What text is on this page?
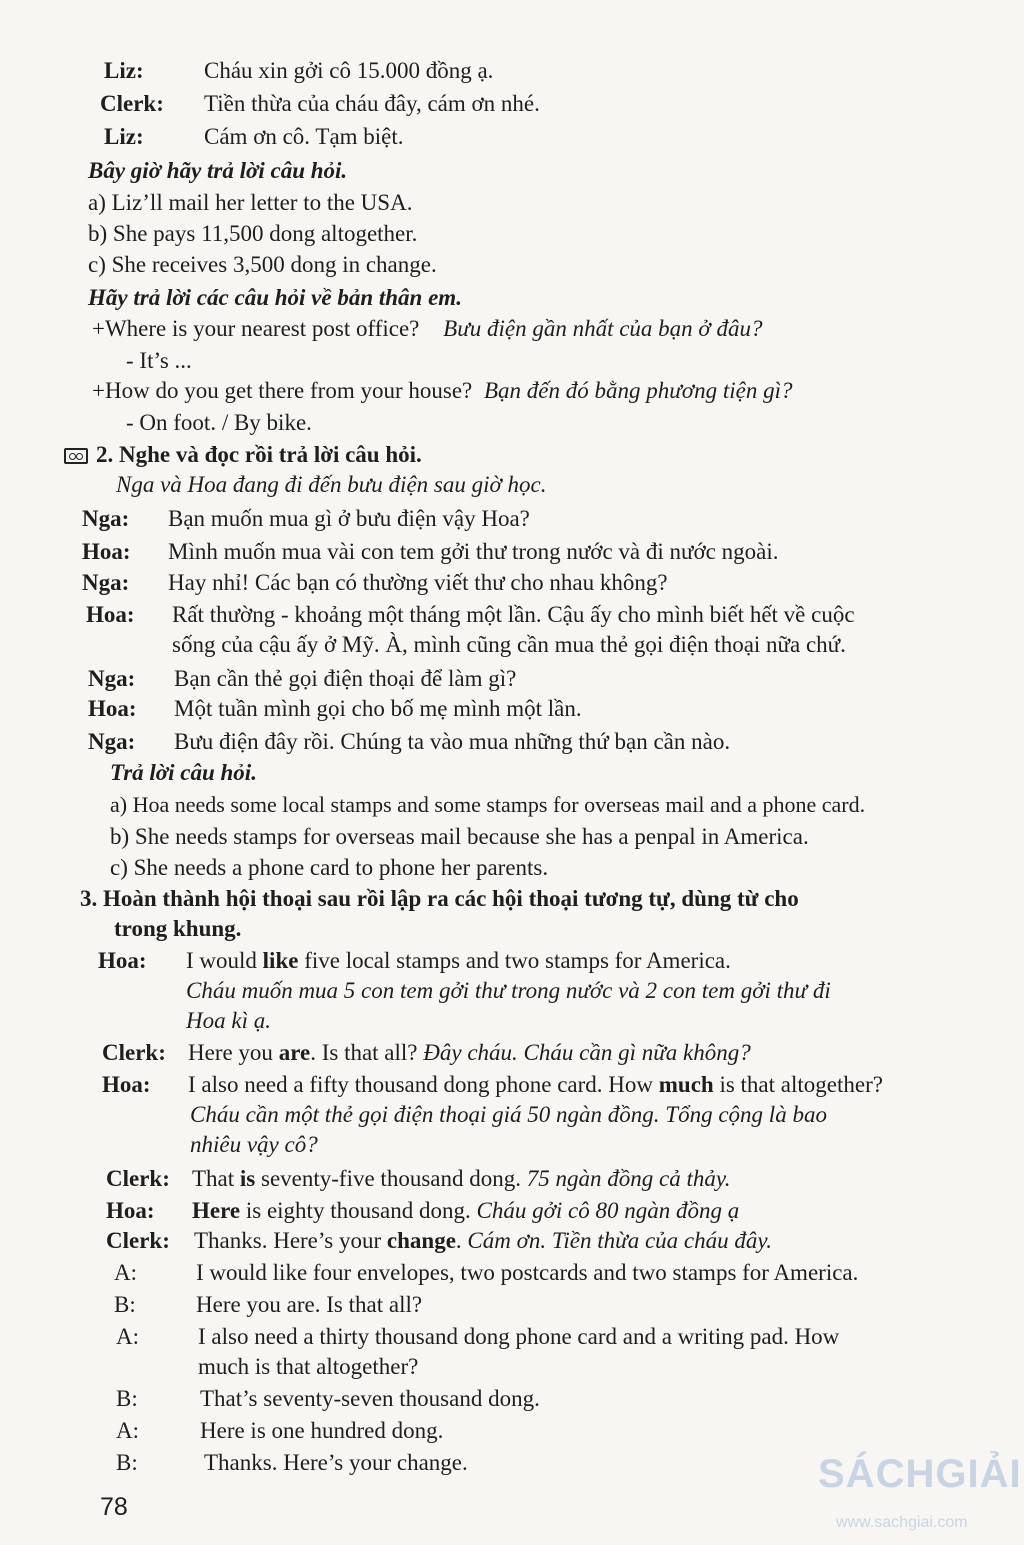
Liz:	Cháu xin gởi cô 15.000 đồng ạ.
Clerk: Tiền thừa của cháu đây, cám ơn nhé.
Liz:	Cám ơn cô. Tạm biệt.
Bây giờ hãy trả lời câu hỏi.
a) Liz’ll mail her letter to the USA.
b) She pays 11,500 dong altogether.
c) She receives 3,500 dong in change.
Hãy trả lời các câu hỏi về bản thân em.
+Where is your nearest post office? Bưu điện gần nhất của bạn ở đâu?
- It’s ...
+How do you get there from your house? Bạn đến đó bằng phương tiện gì?
- On foot. / By bike.
2. Nghe và đọc rồi trả lời câu hỏi.
Nga và Hoa đang đi đến bưu điện sau giờ học.
Nga: Bạn muốn mua gì ở bưu điện vậy Hoa?
Hoa: Mình muốn mua vài con tem gởi thư trong nước và đi nước ngoài.
Nga: Hay nhỉ! Các bạn có thường viết thư cho nhau không?
Hoa: Rất thường - khoảng một tháng một lần. Cậu ấy cho mình biết hết về cuộc
sống của cậu ấy ở Mỹ. À, mình cũng cần mua thẻ gọi điện thoại nữa chứ.
Nga: Bạn cần thẻ gọi điện thoại để làm gì?
Hoa: Một tuần mình gọi cho bố mẹ mình một lần.
Nga: Bưu điện đây rồi. Chúng ta vào mua những thứ bạn cần nào.
Trả lời câu hỏi.
a) Hoa needs some local stamps and some stamps for overseas mail and a phone card.
b) She needs stamps for overseas mail because she has a penpal in America.
c) She needs a phone card to phone her parents.
3. Hoàn thành hội thoại sau rồi lập ra các hội thoại tương tự, dùng từ cho
trong khung.
Hoa: I would like five local stamps and two stamps for America.
Cháu muốn mua 5 con tem gởi thư trong nước và 2 con tem gởi thư đi
Hoa kì ạ.
Clerk: Here you are. Is that all? Đây cháu. Cháu cần gì nữa không?
Hoa: I also need a fifty thousand dong phone card. How much is that altogether?
Cháu cần một thẻ gọi điện thoại giá 50 ngàn đồng. Tổng cộng là bao
nhiêu vậy cô?
Clerk: That is seventy-five thousand dong. 75 ngàn đồng cả thảy.
Hoa: Here is eighty thousand dong. Cháu gởi cô 80 ngàn đồng ạ
Clerk: Thanks. Here’s your change. Cám ơn. Tiền thừa của cháu đây.
A:	I would like four envelopes, two postcards and two stamps for America.
B:	Here you are. Is that all?
A:	I also need a thirty thousand dong phone card and a writing pad. How
much is that altogether?
B:	That’s seventy-seven thousand dong.
A:	Here is one hundred dong.
B:	Thanks. Here’s your change.
78
SÁCHGIẢI
www.sachgiai.com
